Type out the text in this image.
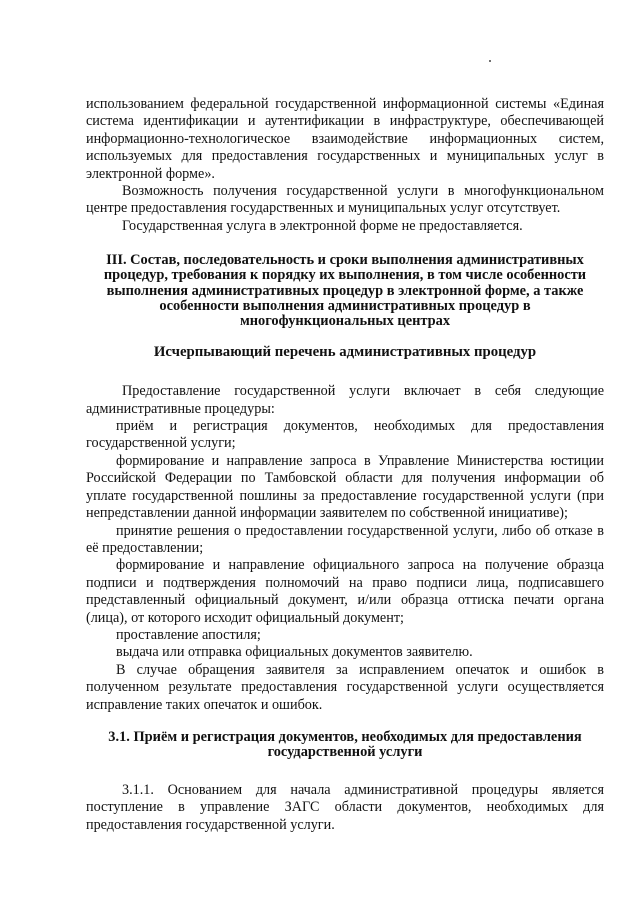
использованием федеральной государственной информационной системы «Единая система идентификации и аутентификации в инфраструктуре, обеспечивающей информационно-технологическое взаимодействие информационных систем, используемых для предоставления государственных и муниципальных услуг в электронной форме».

Возможность получения государственной услуги в многофункциональном центре предоставления государственных и муниципальных услуг отсутствует.

Государственная услуга в электронной форме не предоставляется.

III. Состав, последовательность и сроки выполнения административных процедур, требования к порядку их выполнения, в том числе особенности выполнения административных процедур в электронной форме, а также особенности выполнения административных процедур в многофункциональных центрах
Исчерпывающий перечень административных процедур

Предоставление государственной услуги включает в себя следующие административные процедуры:

приём и регистрация документов, необходимых для предоставления государственной услуги;

формирование и направление запроса в Управление Министерства юстиции Российской Федерации по Тамбовской области для получения информации об уплате государственной пошлины за предоставление государственной услуги (при непредставлении данной информации заявителем по собственной инициативе);

принятие решения о предоставлении государственной услуги, либо об отказе в её предоставлении;

формирование и направление официального запроса на получение образца подписи и подтверждения полномочий на право подписи лица, подписавшего представленный официальный документ, и/или образца оттиска печати органа (лица), от которого исходит официальный документ;

проставление апостиля;

выдача или отправка официальных документов заявителю.

В случае обращения заявителя за исправлением опечаток и ошибок в полученном результате предоставления государственной услуги осуществляется исправление таких опечаток и ошибок.

3.1. Приём и регистрация документов, необходимых для предоставления государственной услуги

3.1.1. Основанием для начала административной процедуры является поступление в управление ЗАГС области документов, необходимых для предоставления государственной услуги.
